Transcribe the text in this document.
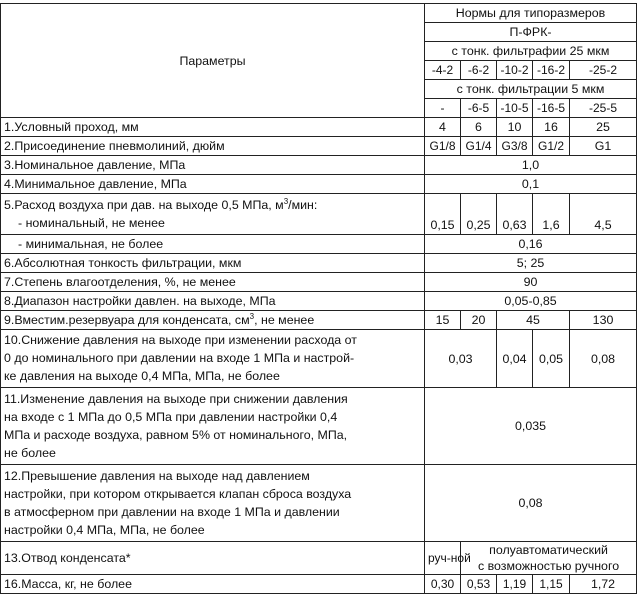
Параметры	Нормы для типоразмеров				
	П-ФРК-				
	с тонк. фильтрафии 25 мкм				
	-4-2	-6-2	-10-2	-16-2	-25-2
	с тонк. фильтрации 5 мкм				
	-	-6-5	-10-5	-16-5	-25-5
1.Условный проход, мм	4	6	10	16	25
2.Присоединение пневмолиний, дюйм	G1/8	G1/4	G3/8	G1/2	G1
3.Номинальное давление, МПа	1,0				
4.Минимальное давление, МПа	0,1				

5.Расход воздуха при дав. на выходе 0,5 МПа, $м^3$/мин:
- номинальный, не менее	0,15	0,25	0,63	1,6	4,5

- минимальная, не более	0,16				
6.Абсолютная тонкость фильтрации, мкм	5; 25				
7.Степень влагоотделения, %, не менее	90				
8.Диапазон настройки давлен. на выходе, МПа	0,05-0,85				
9.Вместим.резервуара для конденсата, $см^3$, не менее	15	20	45		130

10.Снижение давления на выходе при изменении расхода от
0 до номинального при давлении на входе 1 МПа и настрой-
ке давления на выходе 0,4 МПа, МПа, не более	0,03		0,04	0,05	0,08

11.Изменение давления на выходе при снижении давления
на входе с 1 МПа до 0,5 МПа при давлении настройки 0,4
МПа и расходе воздуха, равном 5% от номинального, МПа,
не более	0,035				

12.Превышение давления на выходе над давлением
настройки, при котором открывается клапан сброса воздуха
в атмосферном при давлении на входе 1 МПа и давлении
настройки 0,4 МПа, МПа, не более	0,08				
13.Отвод конденсата*	руч-ной	полуавтоматический
с возможностью ручного			

16.Масса, кг, не более	0,30	0,53	1,19	1,15	1,72
